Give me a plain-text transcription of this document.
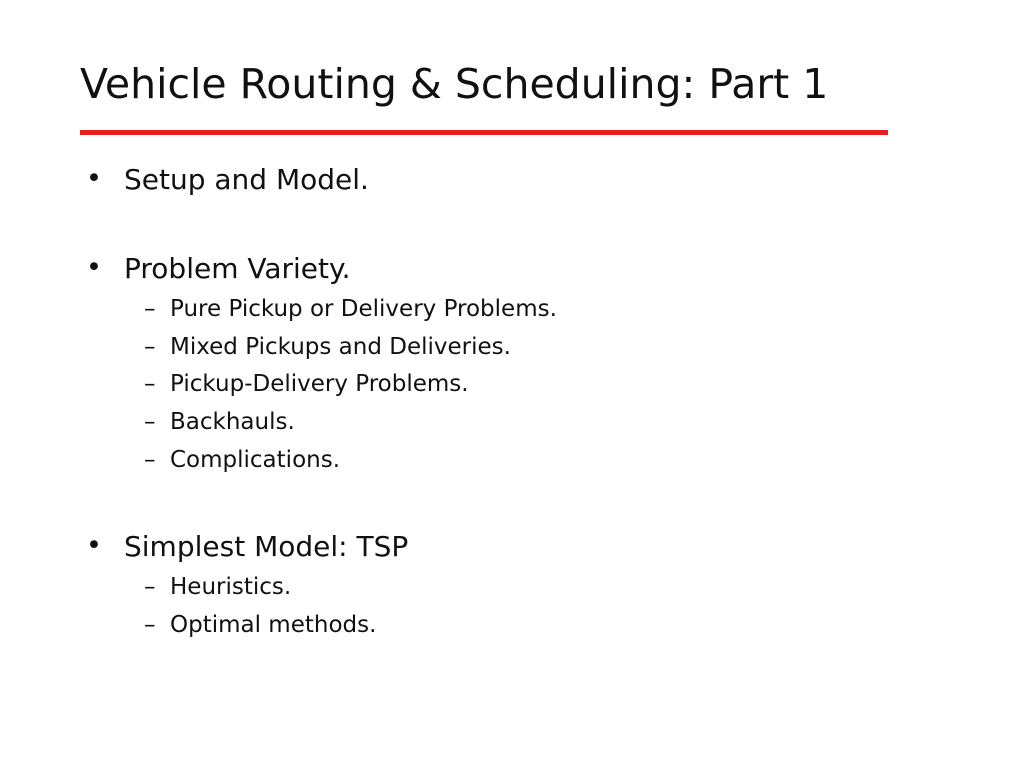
Vehicle Routing & Scheduling: Part 1
• Setup and Model.
• Problem Variety.
– Pure Pickup or Delivery Problems.
– Mixed Pickups and Deliveries.
– Pickup-Delivery Problems.
– Backhauls.
– Complications.
• Simplest Model: TSP
– Heuristics.
– Optimal methods.
